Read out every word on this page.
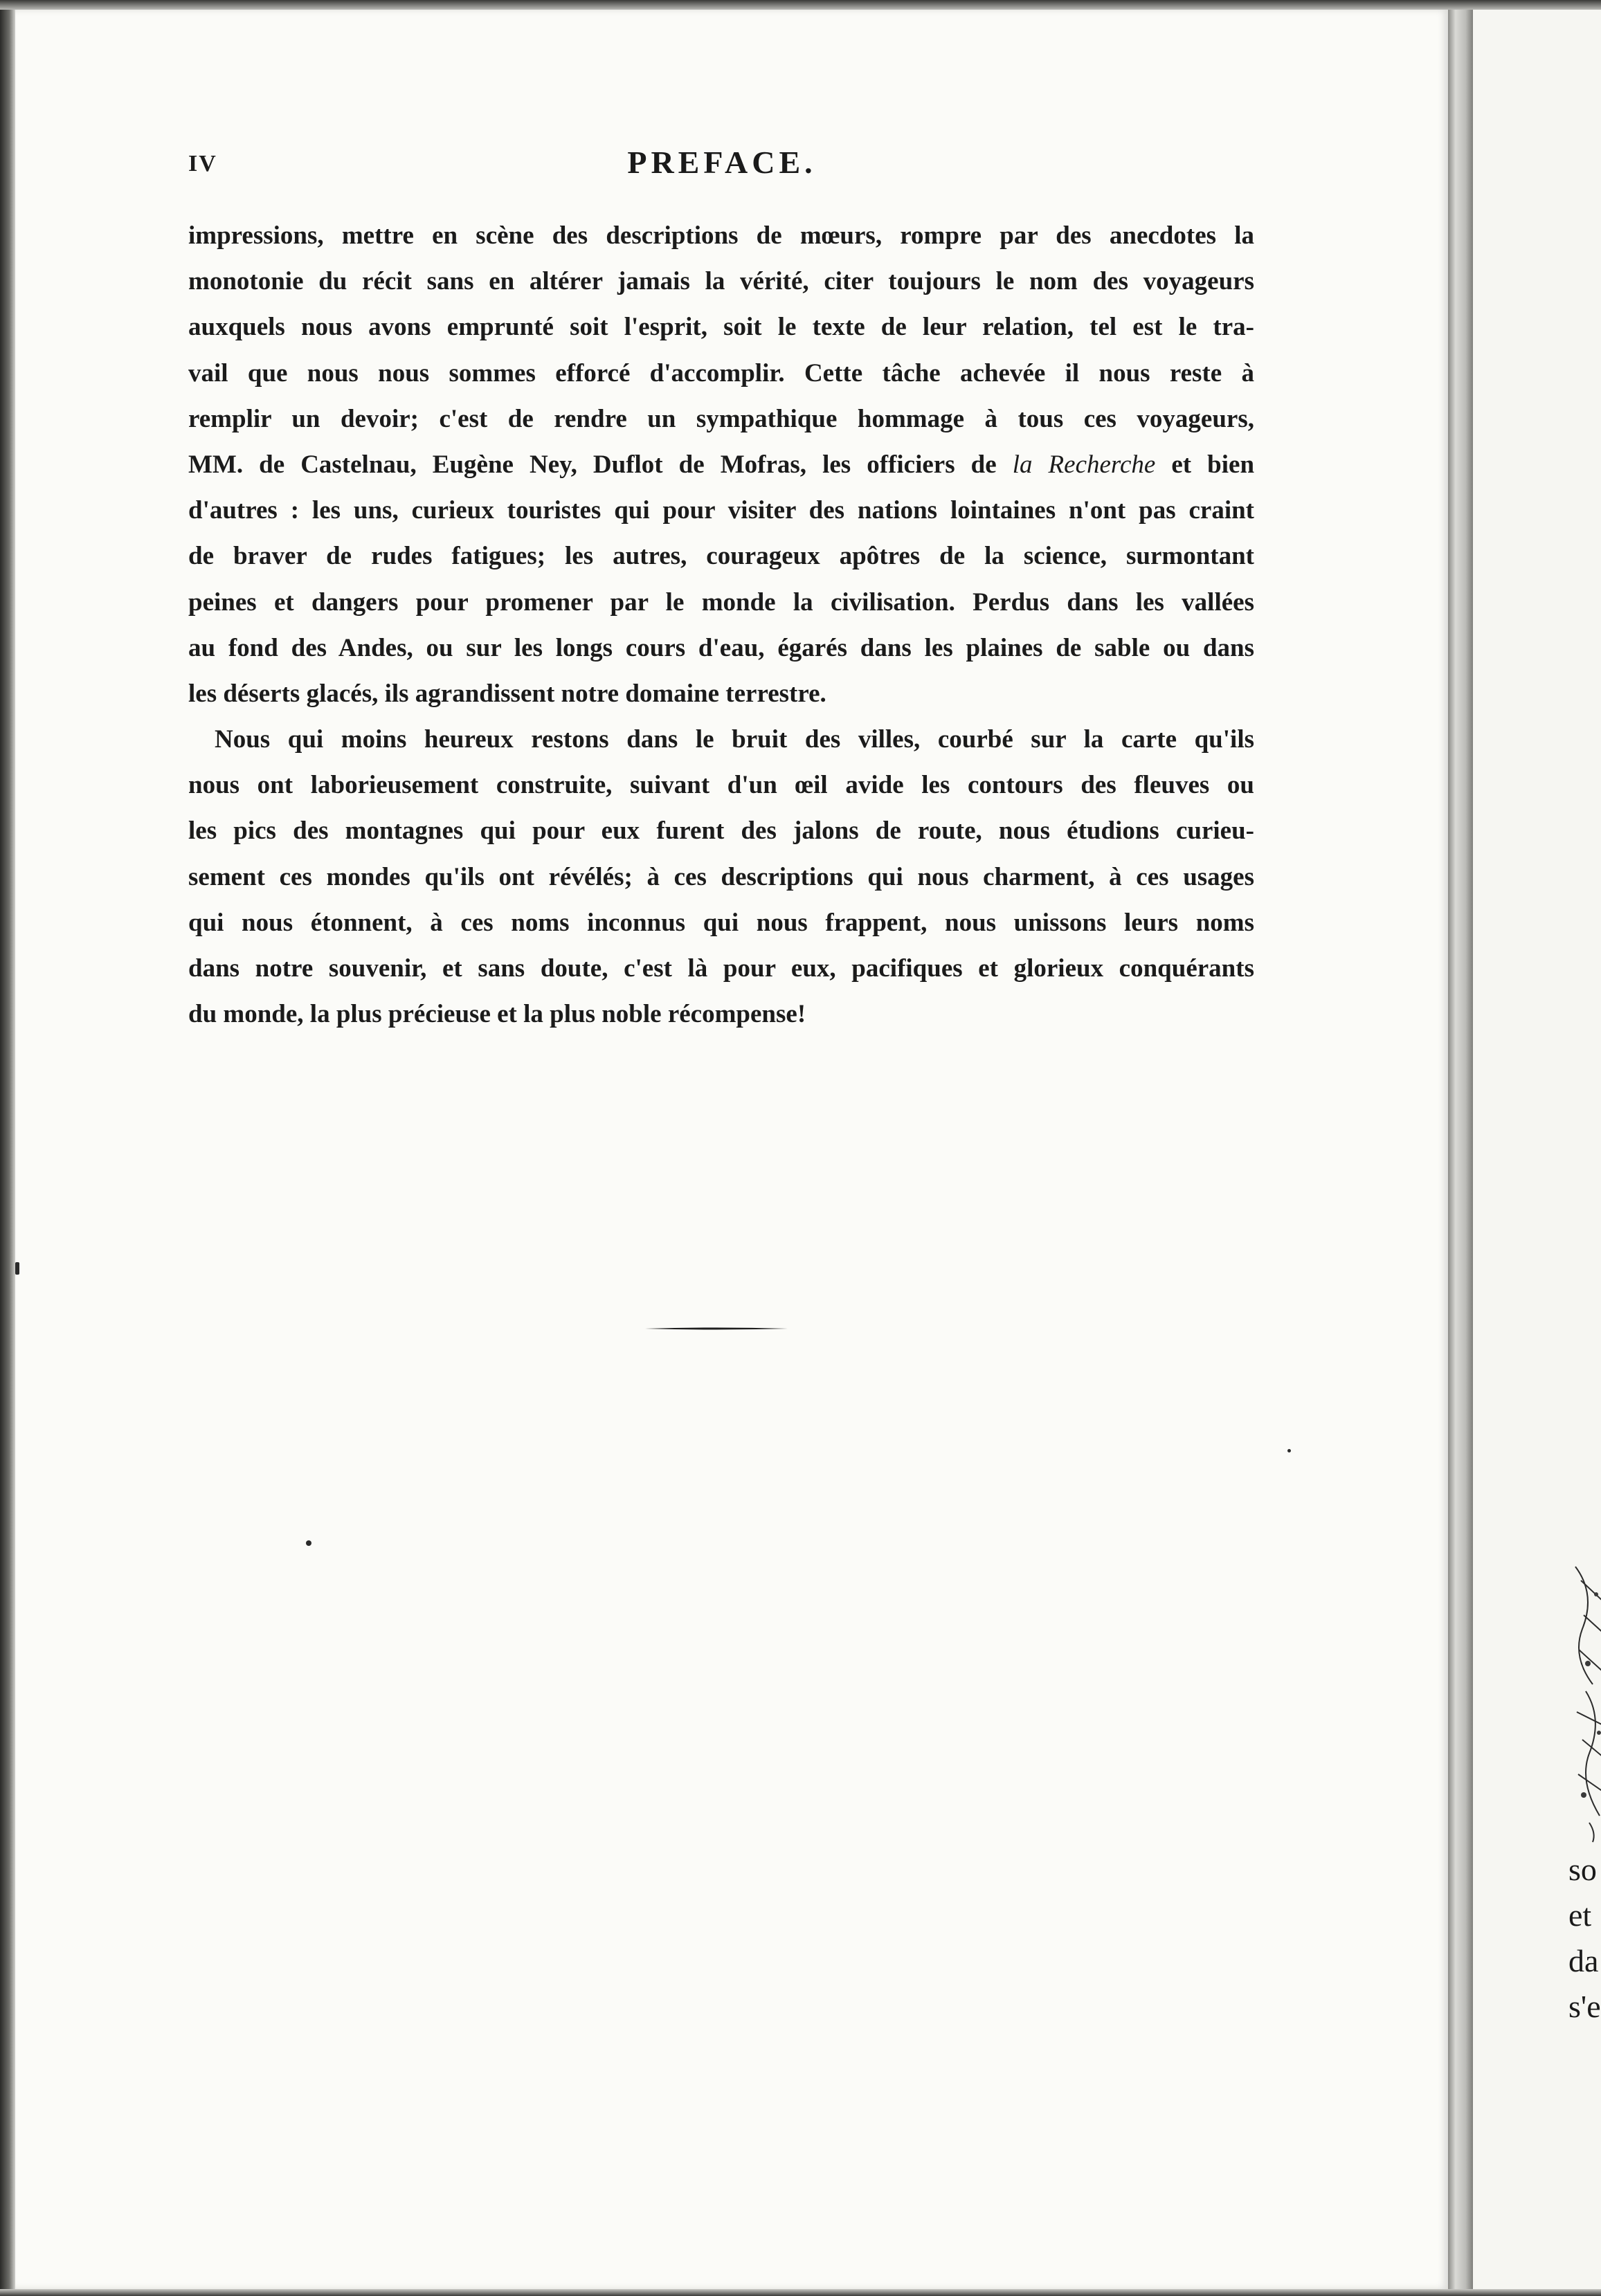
IV	PREFACE.
impressions, mettre en scène des descriptions de mœurs, rompre par des anecdotes la
monotonie du récit sans en altérer jamais la vérité, citer toujours le nom des voyageurs
auxquels nous avons emprunté soit l'esprit, soit le texte de leur relation, tel est le tra-
vail que nous nous sommes efforcé d'accomplir. Cette tâche achevée il nous reste à
remplir un devoir; c'est de rendre un sympathique hommage à tous ces voyageurs,
MM. de Castelnau, Eugène Ney, Duflot de Mofras, les officiers de la Recherche et bien
d'autres : les uns, curieux touristes qui pour visiter des nations lointaines n'ont pas craint
de braver de rudes fatigues; les autres, courageux apôtres de la science, surmontant
peines et dangers pour promener par le monde la civilisation. Perdus dans les vallées
au fond des Andes, ou sur les longs cours d'eau, égarés dans les plaines de sable ou dans
les déserts glacés, ils agrandissent notre domaine terrestre.
Nous qui moins heureux restons dans le bruit des villes, courbé sur la carte qu'ils
nous ont laborieusement construite, suivant d'un œil avide les contours des fleuves ou
les pics des montagnes qui pour eux furent des jalons de route, nous étudions curieu-
sement ces mondes qu'ils ont révélés; à ces descriptions qui nous charment, à ces usages
qui nous étonnent, à ces noms inconnus qui nous frappent, nous unissons leurs noms
dans notre souvenir, et sans doute, c'est là pour eux, pacifiques et glorieux conquérants
du monde, la plus précieuse et la plus noble récompense!
so
et
da
s'e
